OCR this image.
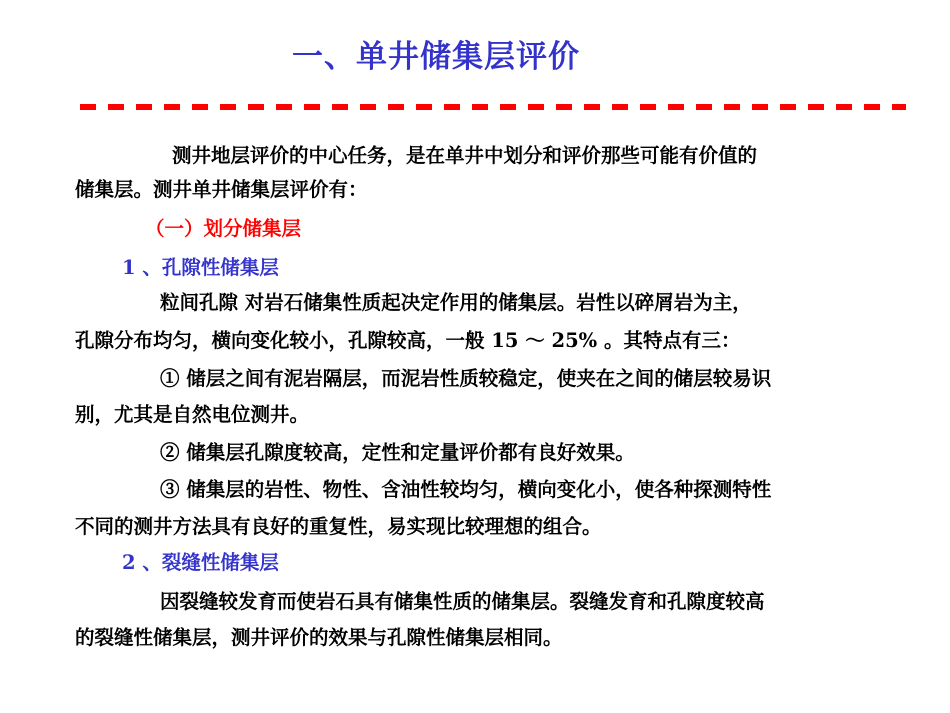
一、单井储集层评价
测井地层评价的中心任务，是在单井中划分和评价那些可能有价值的
储集层。测井单井储集层评价有：
（一）划分储集层
1 、孔隙性储集层
粒间孔隙 对岩石储集性质起决定作用的储集层。岩性以碎屑岩为主，
孔隙分布均匀，横向变化较小，孔隙较高，一般 15 ～ 25% 。其特点有三：
① 储层之间有泥岩隔层，而泥岩性质较稳定，使夹在之间的储层较易识
别，尤其是自然电位测井。
② 储集层孔隙度较高，定性和定量评价都有良好效果。
③ 储集层的岩性、物性、含油性较均匀，横向变化小，使各种探测特性
不同的测井方法具有良好的重复性，易实现比较理想的组合。
2 、裂缝性储集层
因裂缝较发育而使岩石具有储集性质的储集层。裂缝发育和孔隙度较高
的裂缝性储集层，测井评价的效果与孔隙性储集层相同。
